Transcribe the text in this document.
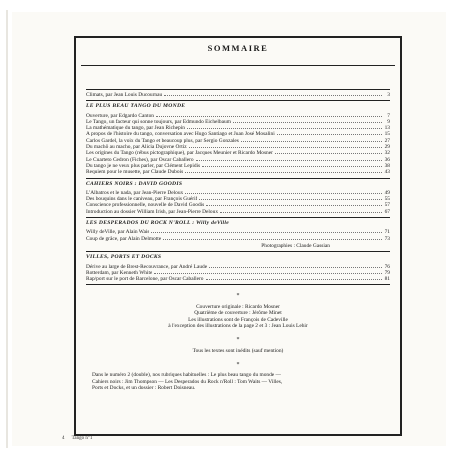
SOMMAIRE
Climats, par Jean Louis Ducournau	3
LE PLUS BEAU TANGO DU MONDE
Ouverture, par Edgardo Canton	7
Le Tango, un facteur qui sonne toujours, par Edmundo Eichelbaum	9
La mathématique du tango, par Jean Richepin	13
A propos de l'histoire du tango, conversation avec Hugo Santiago et Juan José Mosalini	15
Carlos Gardel, la voix du Tango et beaucoup plus, par Sergio Gonzales	27
Du machô au macho, par Alicia Dujovne Ortiz	29
Les origines du Tango (rébus pictographique), par Jacques Meunier et Ricardo Mosner	32
Le Cuarteto Cedron (Fiches), par Oscar Caballero	36
Du tango je ne veux plus parler, par Clément Lepidis	38
Requiem pour le musette, par Claude Dubois	43
CAHIERS NOIRS : DAVID GOODIS
L'Albatros et le nada, par Jean-Pierre Deloux	49
Des bouquins dans le caniveau, par François Guérif	55
Conscience professionnelle, nouvelle de David Goodis	57
Introduction au dossier William Irish, par Jean-Pierre Deloux	67
LES DESPERADOS DU ROCK N'ROLL : Willy deVille
Willy deVille, par Alain Wais	71
Coup de grâce, par Alain Delmotte	73
Photographies : Claude Gassian
VILLES, PORTS ET DOCKS
Dérive au large de Brest-Recouvrance, par André Laude	76
Rotterdam, par Kenneth White	79
Rap/port sur le port de Barcelone, par Oscar Caballero	81
*
Couverture originale : Ricardo Mosner
Quatrième de couverture : Jérôme Minet
Les illustrations sont de François de Cadeville
à l'exception des illustrations de la page 2 et 3 : Jean Louis Lehir
*
Tous les textes sont inédits (sauf mention)
*
Dans le numéro 2 (double), nos rubriques habituelles : Le plus beau tango du monde —
Cahiers noirs : Jim Thompson — Les Desperados du Rock n'Roll : Tom Waits — Villes,
Ports et Docks, et un dossier : Robert Doisneau.
4 Tango n°1
